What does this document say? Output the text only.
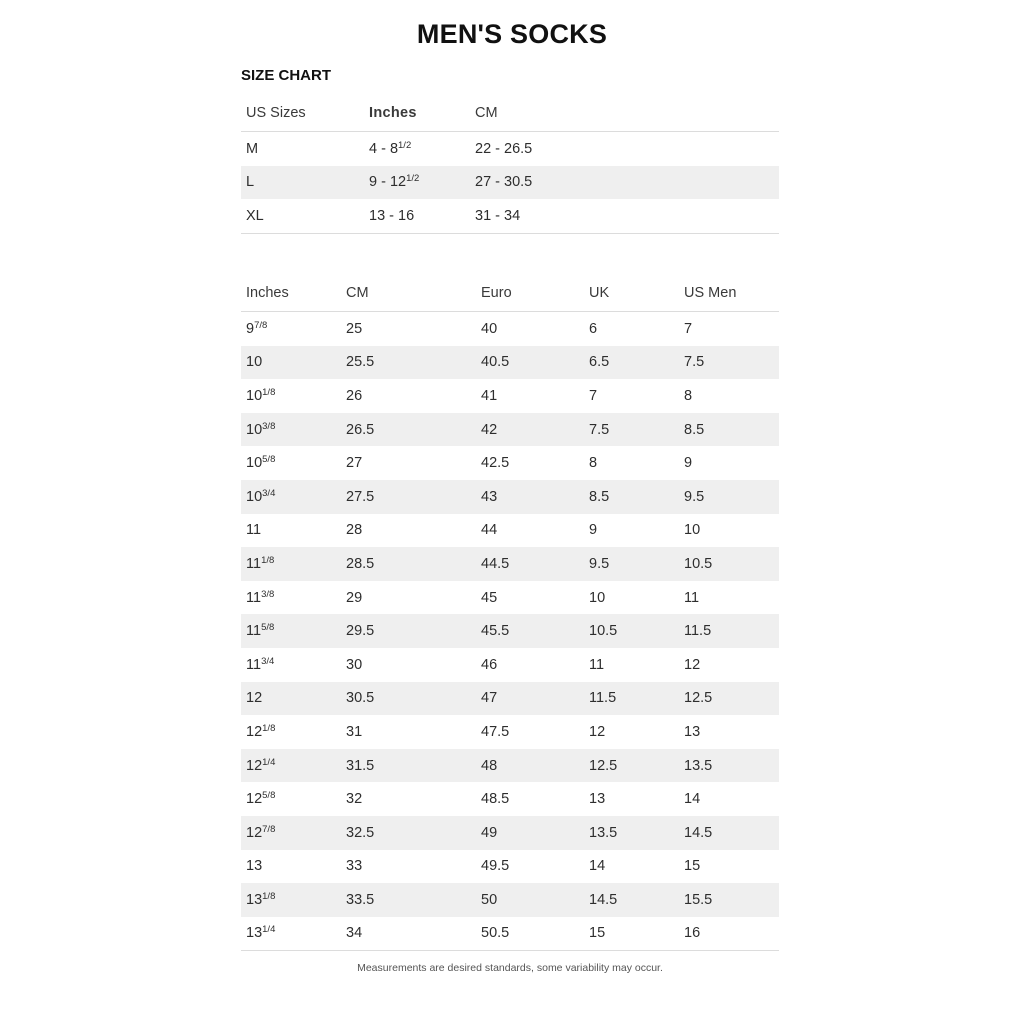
MEN'S SOCKS
SIZE CHART
US Sizes	Inches	CM
M	$4 - 8^{1/2}$	22 - 26.5
L	$9 - 12^{1/2}$	27 - 30.5
XL	13 - 16	31 - 34
Inches	CM	Euro	UK	US Men
$9^{7/8}$	25	40	6	7
10	25.5	40.5	6.5	7.5
$10^{1/8}$	26	41	7	8
$10^{3/8}$	26.5	42	7.5	8.5
$10^{5/8}$	27	42.5	8	9
$10^{3/4}$	27.5	43	8.5	9.5
11	28	44	9	10
$11^{1/8}$	28.5	44.5	9.5	10.5
$11^{3/8}$	29	45	10	11
$11^{5/8}$	29.5	45.5	10.5	11.5
$11^{3/4}$	30	46	11	12
12	30.5	47	11.5	12.5
$12^{1/8}$	31	47.5	12	13
$12^{1/4}$	31.5	48	12.5	13.5
$12^{5/8}$	32	48.5	13	14
$12^{7/8}$	32.5	49	13.5	14.5
13	33	49.5	14	15
$13^{1/8}$	33.5	50	14.5	15.5
$13^{1/4}$	34	50.5	15	16
Measurements are desired standards, some variability may occur.
